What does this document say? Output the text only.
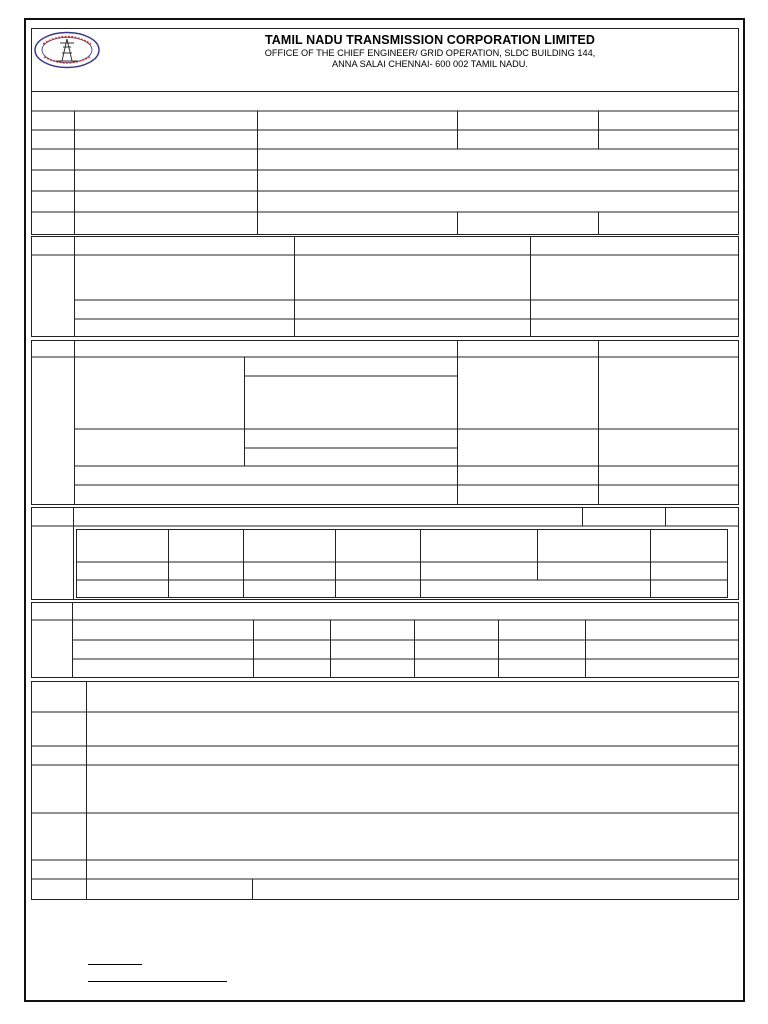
TAMIL NADU TRANSMISSION CORPORATION LIMITED
OFFICE OF THE CHIEF ENGINEER/ GRID OPERATION, SLDC BUILDING 144,
ANNA SALAI CHENNAI- 600 002 TAMIL NADU.
